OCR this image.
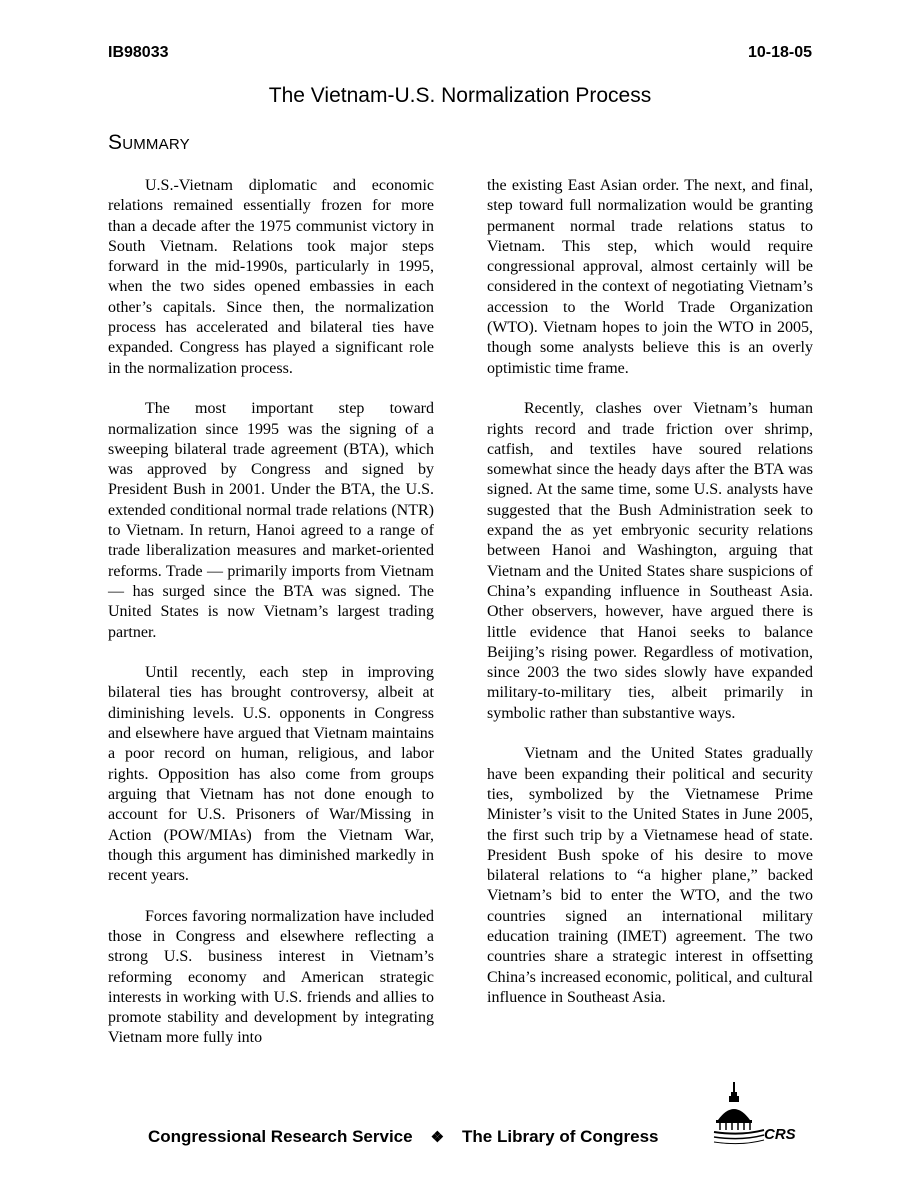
IB98033	10-18-05
The Vietnam-U.S. Normalization Process
Summary

U.S.-Vietnam diplomatic and economic relations remained essentially frozen for more than a decade after the 1975 communist victory in South Vietnam. Relations took major steps forward in the mid-1990s, particularly in 1995, when the two sides opened embassies in each other’s capitals. Since then, the normalization process has accelerated and bilateral ties have expanded. Congress has played a significant role in the normalization process.

The most important step toward normalization since 1995 was the signing of a sweeping bilateral trade agreement (BTA), which was approved by Congress and signed by President Bush in 2001. Under the BTA, the U.S. extended conditional normal trade relations (NTR) to Vietnam. In return, Hanoi agreed to a range of trade liberalization measures and market-oriented reforms. Trade — primarily imports from Vietnam — has surged since the BTA was signed. The United States is now Vietnam’s largest trading partner.

Until recently, each step in improving bilateral ties has brought controversy, albeit at diminishing levels. U.S. opponents in Congress and elsewhere have argued that Vietnam maintains a poor record on human, religious, and labor rights. Opposition has also come from groups arguing that Vietnam has not done enough to account for U.S. Prisoners of War/Missing in Action (POW/MIAs) from the Vietnam War, though this argument has diminished markedly in recent years.

Forces favoring normalization have included those in Congress and elsewhere reflecting a strong U.S. business interest in Vietnam’s reforming economy and American strategic interests in working with U.S. friends and allies to promote stability and development by integrating Vietnam more fully into

the existing East Asian order. The next, and final, step toward full normalization would be granting permanent normal trade relations status to Vietnam. This step, which would require congressional approval, almost certainly will be considered in the context of negotiating Vietnam’s accession to the World Trade Organization (WTO). Vietnam hopes to join the WTO in 2005, though some analysts believe this is an overly optimistic time frame.

Recently, clashes over Vietnam’s human rights record and trade friction over shrimp, catfish, and textiles have soured relations somewhat since the heady days after the BTA was signed. At the same time, some U.S. analysts have suggested that the Bush Administration seek to expand the as yet embryonic security relations between Hanoi and Washington, arguing that Vietnam and the United States share suspicions of China’s expanding influence in Southeast Asia. Other observers, however, have argued there is little evidence that Hanoi seeks to balance Beijing’s rising power. Regardless of motivation, since 2003 the two sides slowly have expanded military-to-military ties, albeit primarily in symbolic rather than substantive ways.

Vietnam and the United States gradually have been expanding their political and security ties, symbolized by the Vietnamese Prime Minister’s visit to the United States in June 2005, the first such trip by a Vietnamese head of state. President Bush spoke of his desire to move bilateral relations to “a higher plane,” backed Vietnam’s bid to enter the WTO, and the two countries signed an international military education training (IMET) agreement. The two countries share a strategic interest in offsetting China’s increased economic, political, and cultural influence in Southeast Asia.

Congressional Research Service ❖ The Library of Congress	CRS
